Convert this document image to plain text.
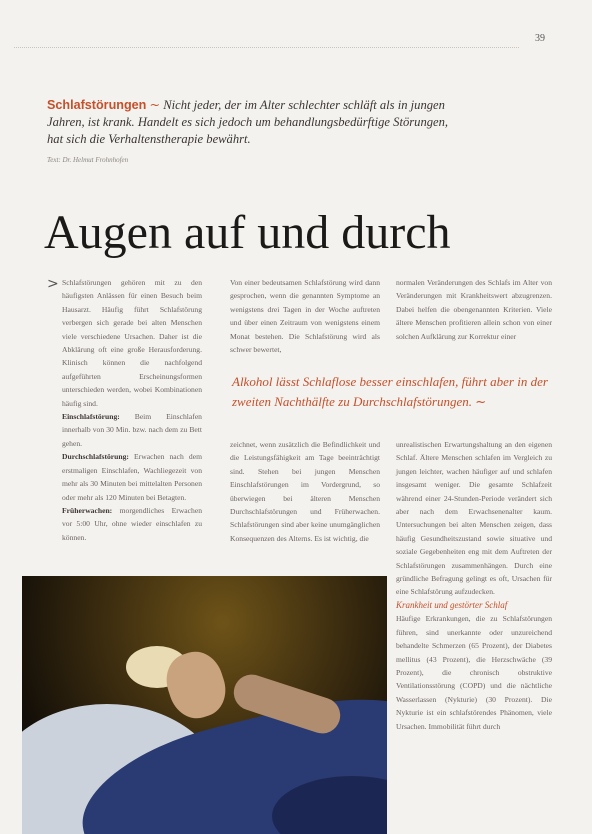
39
Schlafstörungen ~ Nicht jeder, der im Alter schlechter schläft als in jungen Jahren, ist krank. Handelt es sich jedoch um behandlungsbedürftige Störungen, hat sich die Verhaltenstherapie bewährt.
Text: Dr. Helmut Frohnhofen
Augen auf und durch
> Schlafstörungen gehören mit zu den häufigsten Anlässen für einen Besuch beim Hausarzt. Häufig führt Schlafstörung verbergen sich gerade bei alten Menschen viele verschiedene Ursachen. Daher ist die Abklärung oft eine große Herausforderung. Klinisch können die nachfolgend aufgeführten Erscheinungsformen unterschieden werden, wobei Kombinationen häufig sind.

Einschlafstörung: Beim Einschlafen innerhalb von 30 Min. bzw. nach dem zu Bett gehen.

Durchschlafstörung: Erwachen nach dem erstmaligen Einschlafen, Wachliegezeit von mehr als 30 Minuten bei mittelalten Personen oder mehr als 120 Minuten bei Betagten.

Früherwachen: morgendliches Erwachen vor 5:00 Uhr, ohne wieder einschlafen zu können.

Von einer bedeutsamen Schlafstörung wird dann gesprochen, wenn die genannten Symptome an wenigstens drei Tagen in der Woche auftreten und über einen Zeitraum von wenigstens einem Monat bestehen. Die Schlafstörung wird als schwer bewertet,

normalen Veränderungen des Schlafs im Alter von Veränderungen mit Krankheitswert abzugrenzen. Dabei helfen die obengenannten Kriterien. Viele ältere Menschen profitieren allein schon von einer solchen Aufklärung zur Korrektur einer

Alkohol lässt Schlaflose besser einschlafen, führt aber in der zweiten Nachthälfte zu Durchschlafstörungen. ~

zeichnet, wenn zusätzlich die Befindlichkeit und die Leistungsfähigkeit am Tage beeinträchtigt sind. Stehen bei jungen Menschen Einschlafstörungen im Vordergrund, so überwiegen bei älteren Menschen Durchschlafstörungen und Früherwachen. Schlafstörungen sind aber keine unumgänglichen Konsequenzen des Alterns. Es ist wichtig, die

unrealistischen Erwartungshaltung an den eigenen Schlaf. Ältere Menschen schlafen im Vergleich zu jungen leichter, wachen häufiger auf und schlafen insgesamt weniger. Die gesamte Schlafzeit während einer 24-Stunden-Periode verändert sich aber nach dem Erwachsenenalter kaum. Untersuchungen bei alten Menschen zeigen, dass häufig Gesundheitszustand sowie situative und soziale Gegebenheiten eng mit dem Auftreten der Schlafstörungen zusammenhängen. Durch eine gründliche Befragung gelingt es oft, Ursachen für eine Schlafstörung aufzudecken.

Krankheit und gestörter Schlaf

Häufige Erkrankungen, die zu Schlafstörungen führen, sind unerkannte oder unzureichend behandelte Schmerzen (65 Prozent), der Diabetes mellitus (43 Prozent), die Herzschwäche (39 Prozent), die chronisch obstruktive Ventilationsstörung (COPD) und die nächtliche Wasserlassen (Nykturie) (30 Prozent). Die Nykturie ist ein schlafstörendes Phänomen, viele Ursachen. Immobilität führt durch
